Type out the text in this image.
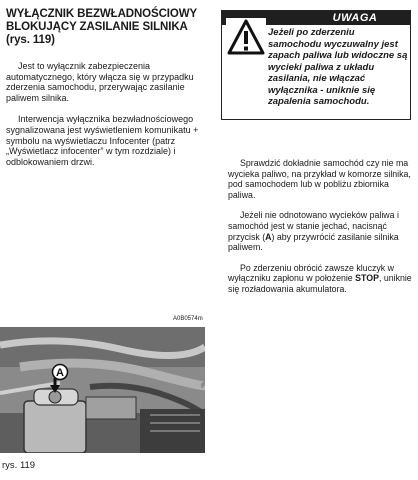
WYŁĄCZNIK BEZWŁADNOŚCIOWY
BLOKUJĄCY ZASILANIE SILNIKA
(rys. 119)

Jest to wyłącznik zabezpieczenia automatycznego, który włącza się w przypadku zderzenia samochodu, przerywając zasilanie paliwem silnika.

Interwencja wyłącznika bezwładnościowego sygnalizowana jest wyświetleniem komunikatu + symbolu na wyświetlaczu Infocenter (patrz „Wyświetlacz infocenter” w tym rozdziale) i odblokowaniem drzwi.

UWAGA

Jeżeli po zderzeniu samochodu wyczuwalny jest zapach paliwa lub widoczne są wycieki paliwa z układu zasilania, nie włączać wyłącznika - uniknie się zapalenia samochodu.

Sprawdzić dokładnie samochód czy nie ma wycieka paliwo, na przykład w komorze silnika, pod samochodem lub w pobliżu zbiornika paliwa.

Jeżeli nie odnotowano wycieków paliwa i samochód jest w stanie jechać, nacisnąć przycisk (A) aby przywrócić zasilanie silnika paliwem.

Po zderzeniu obrócić zawsze kluczyk w wyłączniku zapłonu w położenie STOP, uniknie się rozładowania akumulatora.

A0B0574m
A
rys. 119
